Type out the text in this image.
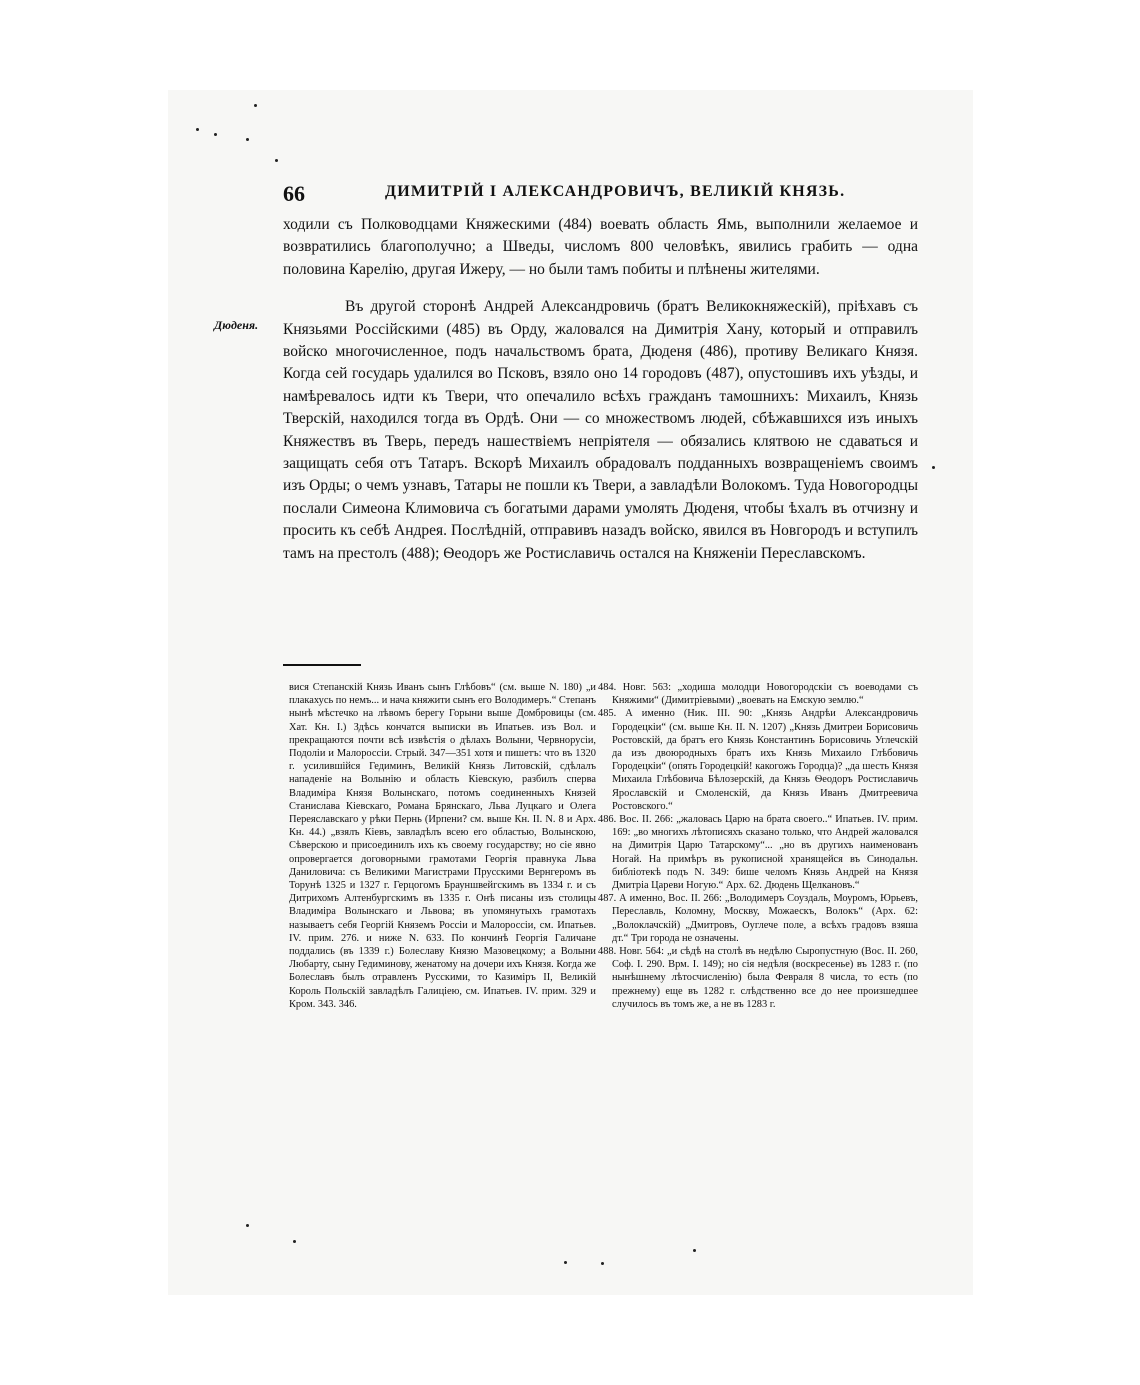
66	ДИМИТРІЙ I АЛЕКСАНДРОВИЧЪ, ВЕЛИКІЙ КНЯЗЬ.
Дюденя.

ходили съ Полководцами Княжескими (484) воевать область Ямь, выполнили желаемое и возвратились благополучно; а Шведы, числомъ 800 человѣкъ, явились грабить — одна половина Карелію, другая Ижеру, — но были тамъ побиты и плѣнены жителями.

Въ другой сторонѣ Андрей Александровичь (братъ Великокняжескій), пріѣхавъ съ Князьями Россійскими (485) въ Орду, жаловался на Димитрія Хану, который и отправилъ войско многочисленное, подъ начальствомъ брата, Дюденя (486), противу Великаго Князя. Когда сей государь удалился во Псковъ, взяло оно 14 городовъ (487), опустошивъ ихъ уѣзды, и намѣревалось идти къ Твери, что опечалило всѣхъ гражданъ тамошнихъ: Михаилъ, Князь Тверскій, находился тогда въ Ордѣ. Они — со множествомъ людей, сбѣжавшихся изъ иныхъ Княжествъ въ Тверь, передъ нашествіемъ непріятеля — обязались клятвою не сдаваться и защищать себя отъ Татаръ. Вскорѣ Михаилъ обрадовалъ подданныхъ возвращеніемъ своимъ изъ Орды; о чемъ узнавъ, Татары не пошли къ Твери, а завладѣли Волокомъ. Туда Новогородцы послали Симеона Климовича съ богатыми дарами умолять Дюденя, чтобы ѣхалъ въ отчизну и просить къ себѣ Андрея. Послѣдній, отправивъ назадъ войско, явился въ Новгородъ и вступилъ тамъ на престолъ (488); Ѳеодоръ же Ростиславичь остался на Княженіи Переславскомъ.

вися Степанскій Князь Иванъ сынъ Глѣбовъ“ (см. выше N. 180) „и плакахусь по немъ... и нача княжити сынъ его Володимеръ.“ Степанъ нынѣ мѣстечко на лѣвомъ берегу Горыни выше Домбровицы (см. Хат. Кн. I.) Здѣсь кончатся выписки въ Ипатьев. изъ Вол. и прекращаются почти всѣ извѣстія о дѣлахъ Волыни, Червнорусіи, Подоліи и Малороссіи. Стрый. 347—351 хотя и пишетъ: что въ 1320 г. усилившійся Гедиминъ, Великій Князь Литовскій, сдѣлалъ нападеніе на Волынію и область Кіевскую, разбилъ сперва Владиміра Князя Волынскаго, потомъ соединенныхъ Князей Станислава Кіевскаго, Романа Брянскаго, Льва Луцкаго и Олега Переяславскаго у рѣки Пернь (Ирпени? см. выше Кн. II. N. 8 и Арх. Кн. 44.) „взялъ Кіевъ, завладѣлъ всею его областью, Волынскою, Сѣверскою и присоединилъ ихъ къ своему государству; но сіе явно опровергается договорными грамотами Георгія правнука Льва Даниловича: съ Великими Магистрами Прусскими Вернгеромъ въ Торунѣ 1325 и 1327 г. Герцогомъ Брауншвейгскимъ въ 1334 г. и съ Дитрихомъ Алтенбургскимъ въ 1335 г. Онѣ писаны изъ столицы Владиміра Волынскаго и Львова; въ упомянутыхъ грамотахъ называетъ себя Георгій Княземъ Россіи и Малороссіи, см. Ипатьев. IV. прим. 276. и ниже N. 633. По кончинѣ Георгія Галичане поддались (въ 1339 г.) Болеславу Князю Мазовецкому; а Волыни Любарту, сыну Гедиминову, женатому на дочери ихъ Князя. Когда же Болеславъ былъ отравленъ Русскими, то Казиміръ II, Великій Король Польскій завладѣлъ Галиціею, см. Ипатьев. IV. прим. 329 и Кром. 343. 346.

484. Новг. 563: „ходиша молодци Новогородскіи съ воеводами съ Княжими“ (Димитріевыми) „воевать на Емскую землю.“

485. А именно (Ник. III. 90: „Князь Андрѣи Александровичь Городецкіи“ (см. выше Кн. II. N. 1207) „Князь Дмитреи Борисовичь Ростовскій, да братъ его Князь Константинъ Борисовичь Углечскій да изъ двоюродныхъ братъ ихъ Князь Михаило Глѣбовичь Городецкіи“ (опять Городецкій! какогожъ Городца)? „да шесть Князя Михаила Глѣбовича Бѣлозерскій, да Князь Ѳеодоръ Ростиславичь Ярославскій и Смоленскій, да Князь Иванъ Дмитреевича Ростовского.“

486. Вос. II. 266: „жаловась Царю на брата своего..“ Ипатьев. IV. прим. 169: „во многихъ лѣтописяхъ сказано только, что Андрей жаловался на Димитрія Царю Татарскому“... „но въ другихъ наименованъ Ногай. На примѣръ въ рукописной хранящейся въ Синодальн. библіотекѣ подъ N. 349: бише челомъ Князь Андрей на Князя Дмитріа Цареви Ногую.“ Арх. 62. Дюдень Щелкановъ.“

487. А именно, Вос. II. 266: „Володимеръ Соуздаль, Моуромъ, Юрьевъ, Переславль, Коломну, Москву, Можаескъ, Волокъ“ (Арх. 62: „Волоклачскій) „Дмитровъ, Оуглече поле, а всѣхъ градовъ взяша дт.“ Три города не означены.

488. Новг. 564: „и сѣдѣ на столѣ въ недѣлю Сыропустную (Вос. II. 260, Соф. I. 290. Врм. I. 149); но сія недѣля (воскресенье) въ 1283 г. (по нынѣшнему лѣтосчисленію) была Февраля 8 числа, то есть (по прежнему) еще въ 1282 г. слѣдственно все до нее произшедшее случилось въ томъ же, а не въ 1283 г.
